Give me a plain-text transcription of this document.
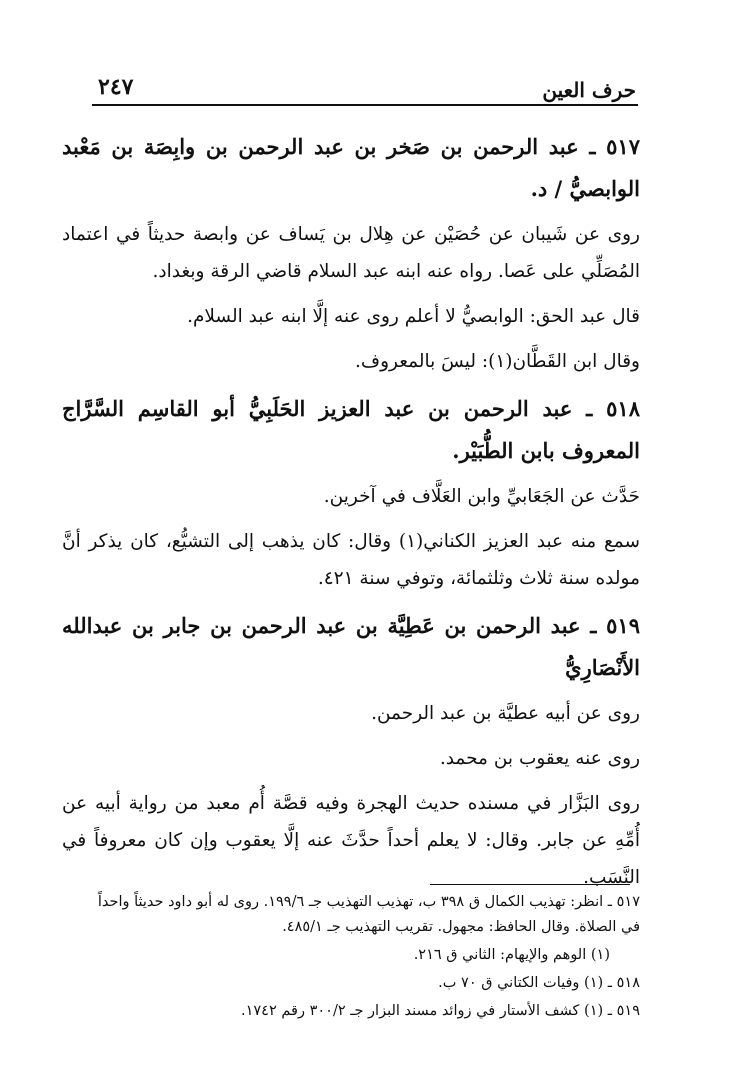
٢٤٧	حرف العين
٥١٧ ـ عبد الرحمن بن صَخر بن عبد الرحمن بن وابِصَة بن مَعْبد الوابصيُّ / د.

روى عن شَيبان عن حُصَيْن عن هِلال بن يَساف عن وابصة حديثاً في اعتماد المُصَلِّي على عَصا. رواه عنه ابنه عبد السلام قاضي الرقة وبغداد.

قال عبد الحق: الوابصيُّ لا أعلم روى عنه إلَّا ابنه عبد السلام.

وقال ابن القَطَّان(١): ليسَ بالمعروف.

٥١٨ ـ عبد الرحمن بن عبد العزيز الحَلَبِيُّ أبو القاسِم السَّرَّاج المعروف بابن الطُّبَيْر.

حَدَّث عن الجَعَابيِّ وابن العَلَّاف في آخرين.

سمع منه عبد العزيز الكناني(١) وقال: كان يذهب إلى التشيُّع، كان يذكر أنَّ مولده سنة ثلاث وثلثمائة، وتوفي سنة ٤٢١.

٥١٩ ـ عبد الرحمن بن عَطِيَّة بن عبد الرحمن بن جابر بن عبدالله الأَنْصَارِيُّ

روى عن أبيه عطيَّة بن عبد الرحمن.

روى عنه يعقوب بن محمد.

روى البَزَّار في مسنده حديث الهجرة وفيه قصَّة أُم معبد من رواية أبيه عن أُمِّهِ عن جابر. وقال: لا يعلم أحداً حدَّثَ عنه إلَّا يعقوب وإن كان معروفاً في النَّسَب.

٥١٧ ـ انظر: تهذيب الكمال ق ٣٩٨ ب، تهذيب التهذيب جـ ١٩٩/٦. روى له أبو داود حديثاً واحداً في الصلاة. وقال الحافظ: مجهول. تقريب التهذيب جـ ٤٨٥/١.

(١) الوهم والإيهام: الثاني ق ٢١٦.

٥١٨ ـ (١) وفيات الكتاني ق ٧٠ ب.

٥١٩ ـ (١) كشف الأستار في زوائد مسند البزار جـ ٣٠٠/٢ رقم ١٧٤٢.
